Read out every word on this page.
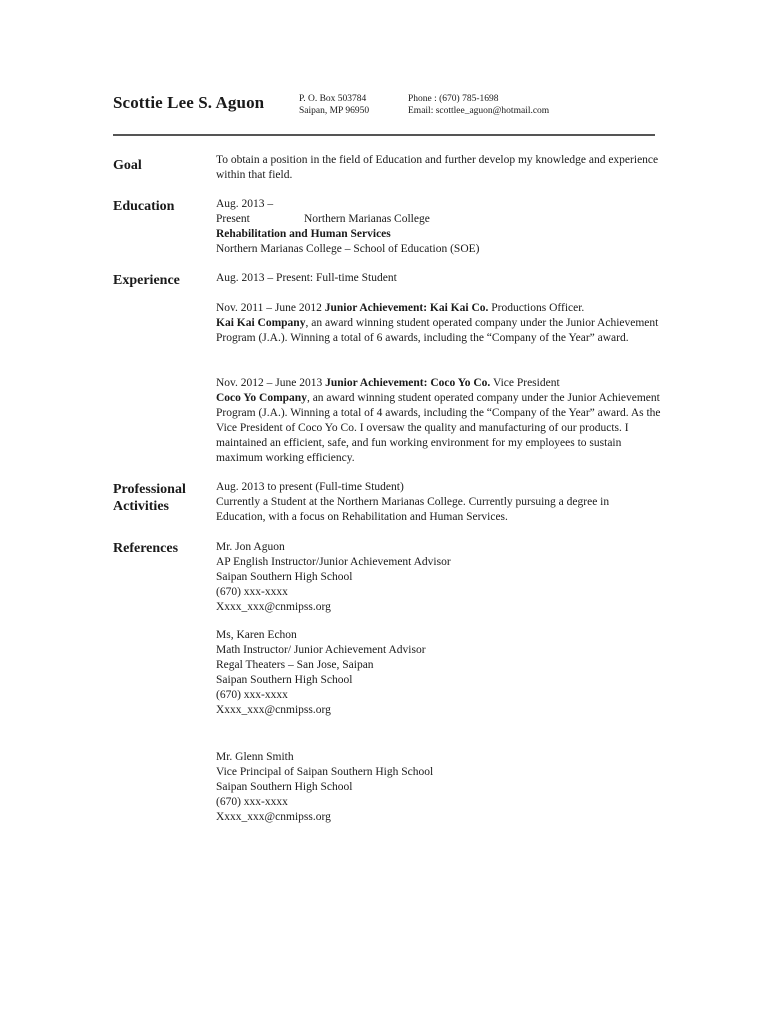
Scottie Lee S. Aguon	P. O. Box 503784
Saipan, MP 96950
Phone : (670) 785-1698
Email: scottlee_aguon@hotmail.com
Goal	To obtain a position in the field of Education and further develop my knowledge and experience within that field.

Education	Aug. 2013 – Present	Northern Marianas College

Rehabilitation and Human Services

Northern Marianas College – School of Education (SOE)

Experience	Aug. 2013 – Present: Full-time Student

Nov. 2011 – June 2012 Junior Achievement: Kai Kai Co. Productions Officer.

Kai Kai Company, an award winning student operated company under the Junior Achievement Program (J.A.). Winning a total of 6 awards, including the “Company of the Year” award.

Nov. 2012 – June 2013 Junior Achievement: Coco Yo Co. Vice President

Coco Yo Company, an award winning student operated company under the Junior Achievement Program (J.A.). Winning a total of 4 awards, including the “Company of the Year” award. As the Vice President of Coco Yo Co. I oversaw the quality and manufacturing of our products. I maintained an efficient, safe, and fun working environment for my employees to sustain maximum working efficiency.

Professional
Activities

Aug. 2013 to present (Full-time Student)

Currently a Student at the Northern Marianas College. Currently pursuing a degree in Education, with a focus on Rehabilitation and Human Services.

References	Mr. Jon Aguon

AP English Instructor/Junior Achievement Advisor

Saipan Southern High School

(670) xxx-xxxx

Xxxx_xxx@cnmipss.org

Ms, Karen Echon

Math Instructor/ Junior Achievement Advisor

Regal Theaters – San Jose, Saipan

Saipan Southern High School

(670) xxx-xxxx

Xxxx_xxx@cnmipss.org

Mr. Glenn Smith

Vice Principal of Saipan Southern High School

Saipan Southern High School

(670) xxx-xxxx

Xxxx_xxx@cnmipss.org
